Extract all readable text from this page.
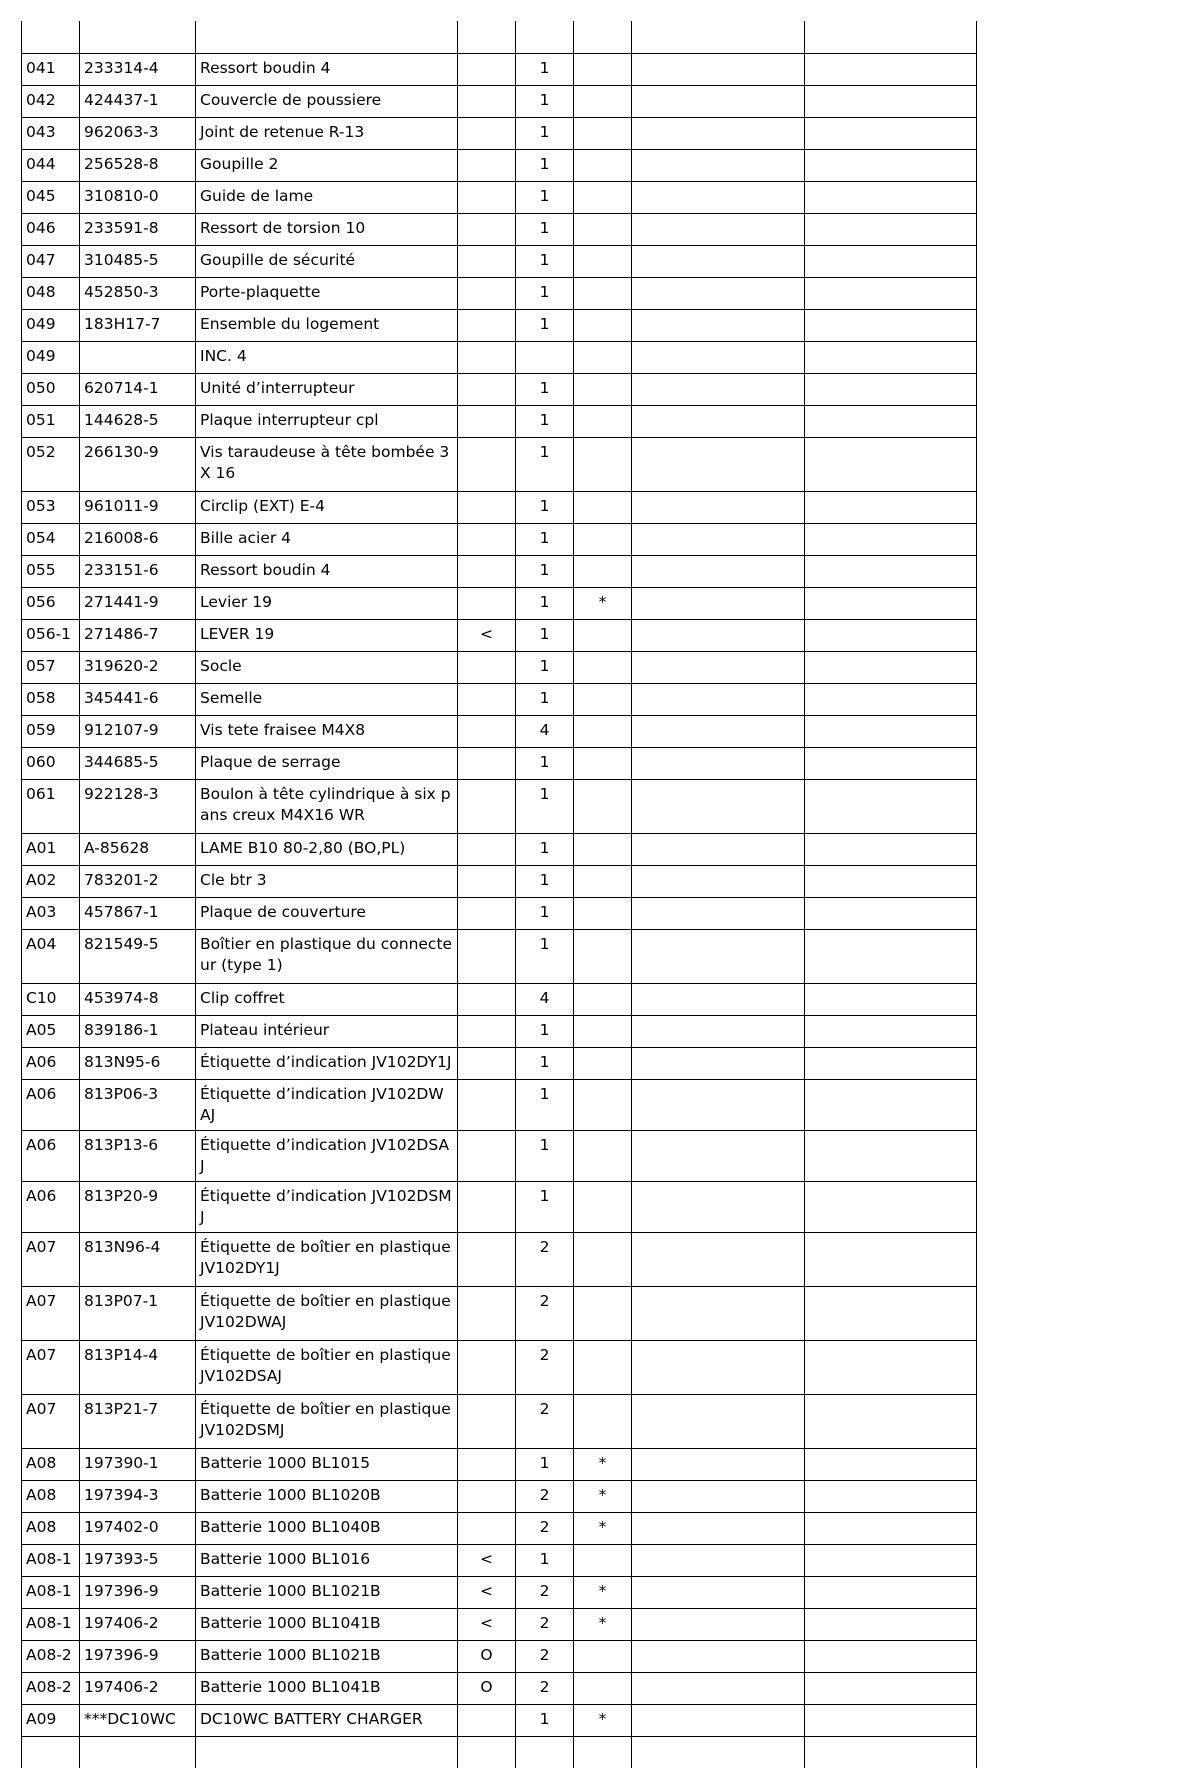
041	233314-4	Ressort boudin 4		1			
042	424437-1	Couvercle de poussiere		1			
043	962063-3	Joint de retenue R-13		1			
044	256528-8	Goupille 2		1			
045	310810-0	Guide de lame		1			
046	233591-8	Ressort de torsion 10		1			
047	310485-5	Goupille de sécurité		1			
048	452850-3	Porte-plaquette		1			
049	183H17-7	Ensemble du logement		1			
049		INC. 4					
050	620714-1	Unité d’interrupteur		1			
051	144628-5	Plaque interrupteur cpl		1			
052	266130-9	Vis taraudeuse à tête bombée 3X 16		1			
053	961011-9	Circlip (EXT) E-4		1			
054	216008-6	Bille acier 4		1			
055	233151-6	Ressort boudin 4		1			
056	271441-9	Levier 19		1	*		
056-1	271486-7	LEVER 19	<	1			
057	319620-2	Socle		1			
058	345441-6	Semelle		1			
059	912107-9	Vis tete fraisee M4X8		4			
060	344685-5	Plaque de serrage		1			
061	922128-3	Boulon à tête cylindrique à six pans creux M4X16 WR		1			
A01	A-85628	LAME B10 80-2,80 (BO,PL)		1			
A02	783201-2	Cle btr 3		1			
A03	457867-1	Plaque de couverture		1			
A04	821549-5	Boîtier en plastique du connecteur (type 1)		1			
C10	453974-8	Clip coffret		4			
A05	839186-1	Plateau intérieur		1			
A06	813N95-6	Étiquette d’indication JV102DY1J		1			
A06	813P06-3	Étiquette d’indication JV102DWAJ		1			
A06	813P13-6	Étiquette d’indication JV102DSAJ		1			
A06	813P20-9	Étiquette d’indication JV102DSMJ		1			
A07	813N96-4	Étiquette de boîtier en plastique JV102DY1J		2			
A07	813P07-1	Étiquette de boîtier en plastique JV102DWAJ		2			
A07	813P14-4	Étiquette de boîtier en plastique JV102DSAJ		2			
A07	813P21-7	Étiquette de boîtier en plastique JV102DSMJ		2			
A08	197390-1	Batterie 1000 BL1015		1	*		
A08	197394-3	Batterie 1000 BL1020B		2	*		
A08	197402-0	Batterie 1000 BL1040B		2	*		
A08-1	197393-5	Batterie 1000 BL1016	<	1			
A08-1	197396-9	Batterie 1000 BL1021B	<	2	*		
A08-1	197406-2	Batterie 1000 BL1041B	<	2	*		
A08-2	197396-9	Batterie 1000 BL1021B	O	2			
A08-2	197406-2	Batterie 1000 BL1041B	O	2			
A09	***DC10WC	DC10WC BATTERY CHARGER		1	*		
